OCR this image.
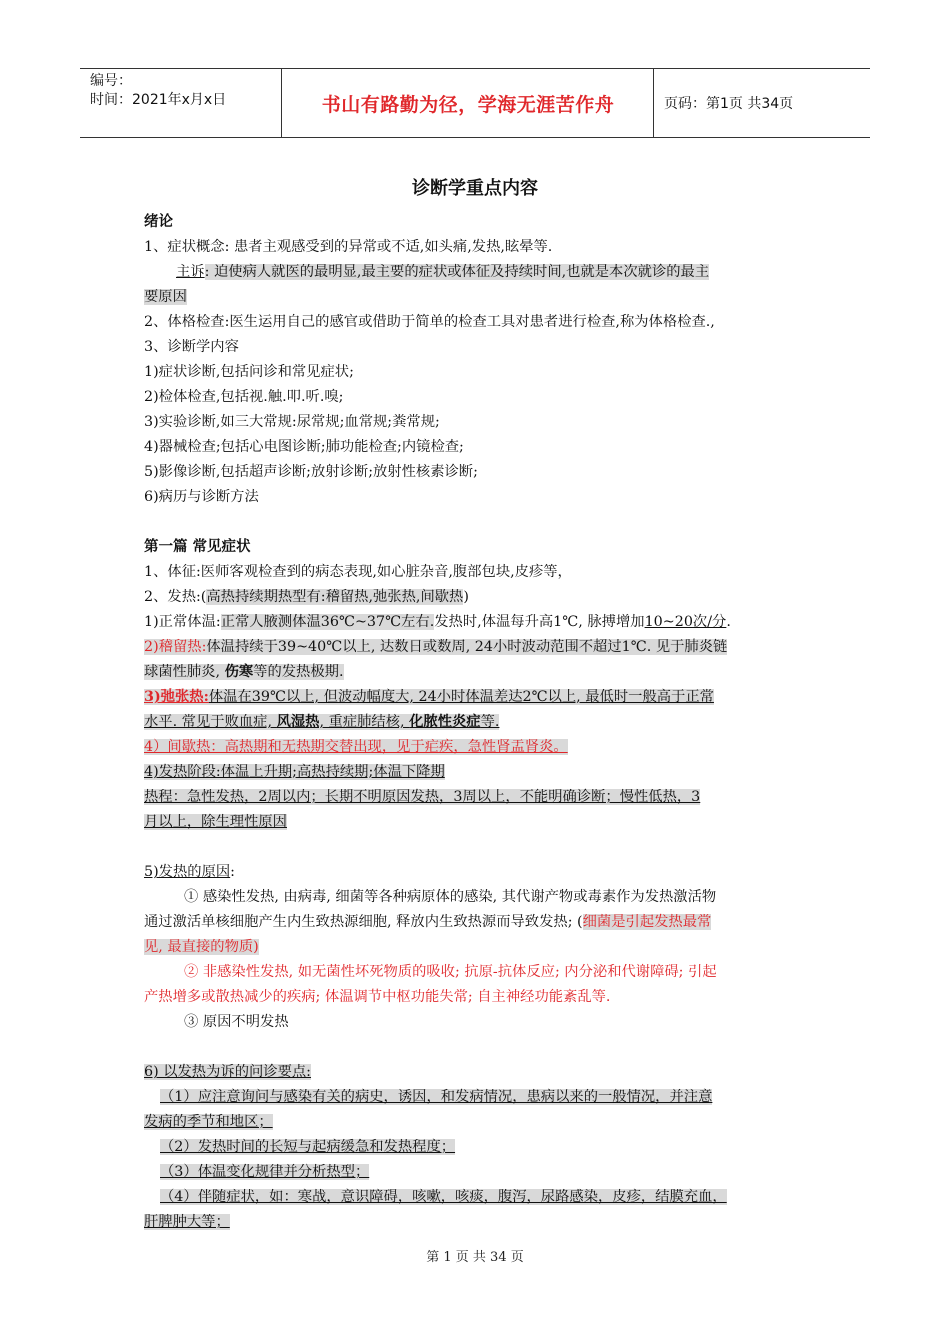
编号：
时间：2021年x月x日	书山有路勤为径，学海无涯苦作舟	页码：第1页 共34页
诊断学重点内容
绪论
1、症状概念: 患者主观感受到的异常或不适,如头痛,发热,眩晕等.
主诉: 迫使病人就医的最明显,最主要的症状或体征及持续时间,也就是本次就诊的最主
要原因
2、体格检查:医生运用自己的感官或借助于简单的检查工具对患者进行检查,称为体格检查.,
3、诊断学内容
1)症状诊断,包括问诊和常见症状;
2)检体检查,包括视.触.叩.听.嗅;
3)实验诊断,如三大常规:尿常规;血常规;粪常规;
4)器械检查;包括心电图诊断;肺功能检查;内镜检查;
5)影像诊断,包括超声诊断;放射诊断;放射性核素诊断;
6)病历与诊断方法
第一篇 常见症状
1、体征:医师客观检查到的病态表现,如心脏杂音,腹部包块,皮疹等，
2、发热:(高热持续期热型有:稽留热,弛张热,间歇热)
1)正常体温:正常人腋测体温36℃~37℃左右.发热时,体温每升高1℃, 脉搏增加10~20次/分.
2)稽留热:体温持续于39~40℃以上, 达数日或数周, 24小时波动范围不超过1℃. 见于肺炎链
球菌性肺炎, 伤寒等的发热极期.
3)弛张热:体温在39℃以上, 但波动幅度大, 24小时体温差达2℃以上, 最低时一般高于正常
水平. 常见于败血症, 风湿热, 重症肺结核, 化脓性炎症等.
4）间歇热：高热期和无热期交替出现，见于疟疾，急性肾盂肾炎。
4)发热阶段:体温上升期;高热持续期;体温下降期
热程：急性发热，2周以内；长期不明原因发热，3周以上，不能明确诊断；慢性低热，3
月以上，除生理性原因
5)发热的原因:
① 感染性发热, 由病毒, 细菌等各种病原体的感染, 其代谢产物或毒素作为发热激活物
通过激活单核细胞产生内生致热源细胞, 释放内生致热源而导致发热; (细菌是引起发热最常
见, 最直接的物质)
② 非感染性发热, 如无菌性坏死物质的吸收; 抗原-抗体反应; 内分泌和代谢障碍; 引起
产热增多或散热减少的疾病; 体温调节中枢功能失常; 自主神经功能紊乱等.
③ 原因不明发热
6) 以发热为诉的问诊要点:
（1）应注意询问与感染有关的病史，诱因，和发病情况，患病以来的一般情况，并注意
发病的季节和地区；
（2）发热时间的长短与起病缓急和发热程度；
（3）体温变化规律并分析热型；
（4）伴随症状，如：寒战，意识障碍，咳嗽，咳痰，腹泻，尿路感染，皮疹，结膜充血，
肝脾肿大等；
第 1 页 共 34 页
